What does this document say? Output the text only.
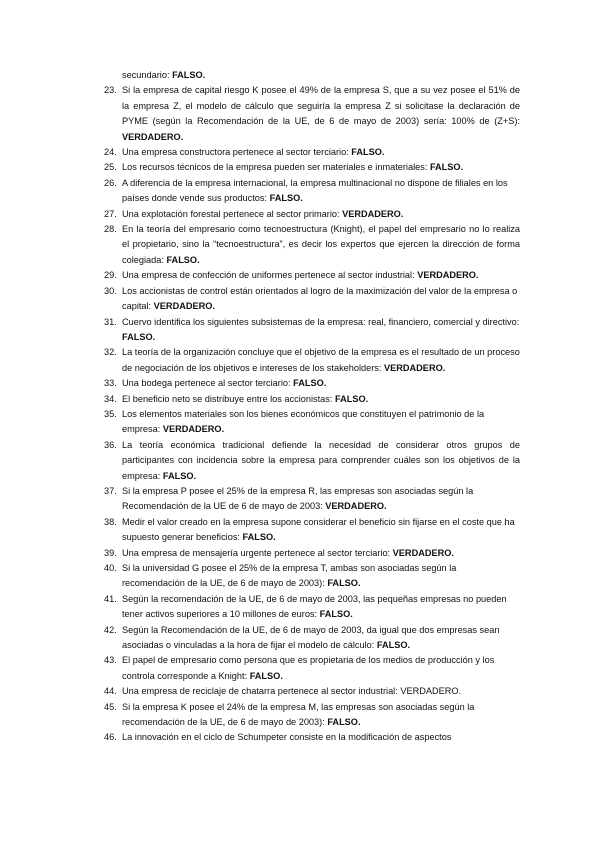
secundario: FALSO.
23. Si la empresa de capital riesgo K posee el 49% de la empresa S, que a su vez posee el 51% de la empresa Z, el modelo de cálculo que seguiría la empresa Z si solicitase la declaración de PYME (según la Recomendación de la UE, de 6 de mayo de 2003) sería: 100% de (Z+S): VERDADERO.
24. Una empresa constructora pertenece al sector terciario: FALSO.
25. Los recursos técnicos de la empresa pueden ser materiales e inmateriales: FALSO.
26. A diferencia de la empresa internacional, la empresa multinacional no dispone de filiales en los países donde vende sus productos: FALSO.
27. Una explotación forestal pertenece al sector primario: VERDADERO.
28. En la teoría del empresario como tecnoestructura (Knight), el papel del empresario no lo realiza el propietario, sino la “tecnoestructura”, es decir los expertos que ejercen la dirección de forma colegiada: FALSO.
29. Una empresa de confección de uniformes pertenece al sector industrial: VERDADERO.
30. Los accionistas de control están orientados al logro de la maximización del valor de la empresa o capital: VERDADERO.
31. Cuervo identifica los siguientes subsistemas de la empresa: real, financiero, comercial y directivo: FALSO.
32. La teoría de la organización concluye que el objetivo de la empresa es el resultado de un proceso de negociación de los objetivos e intereses de los stakeholders: VERDADERO.
33. Una bodega pertenece al sector terciario: FALSO.
34. El beneficio neto se distribuye entre los accionistas: FALSO.
35. Los elementos materiales son los bienes económicos que constituyen el patrimonio de la empresa: VERDADERO.
36. La teoría económica tradicional defiende la necesidad de considerar otros grupos de participantes con incidencia sobre la empresa para comprender cuáles son los objetivos de la empresa: FALSO.
37. Si la empresa P posee el 25% de la empresa R, las empresas son asociadas según la Recomendación de la UE de 6 de mayo de 2003: VERDADERO.
38. Medir el valor creado en la empresa supone considerar el beneficio sin fijarse en el coste que ha supuesto generar beneficios: FALSO.
39. Una empresa de mensajería urgente pertenece al sector terciario: VERDADERO.
40. Si la universidad G posee el 25% de la empresa T, ambas son asociadas según la recomendación de la UE, de 6 de mayo de 2003): FALSO.
41. Según la recomendación de la UE, de 6 de mayo de 2003, las pequeñas empresas no pueden tener activos superiores a 10 millones de euros: FALSO.
42. Según la Recomendación de la UE, de 6 de mayo de 2003, da igual que dos empresas sean asociadas o vinculadas a la hora de fijar el modelo de cálculo: FALSO.
43. El papel de empresario como persona que es propietaria de los medios de producción y los controla corresponde a Knight: FALSO.
44. Una empresa de reciclaje de chatarra pertenece al sector industrial: VERDADERO.
45. Si la empresa K posee el 24% de la empresa M, las empresas son asociadas según la recomendación de la UE, de 6 de mayo de 2003): FALSO.
46. La innovación en el ciclo de Schumpeter consiste en la modificación de aspectos
